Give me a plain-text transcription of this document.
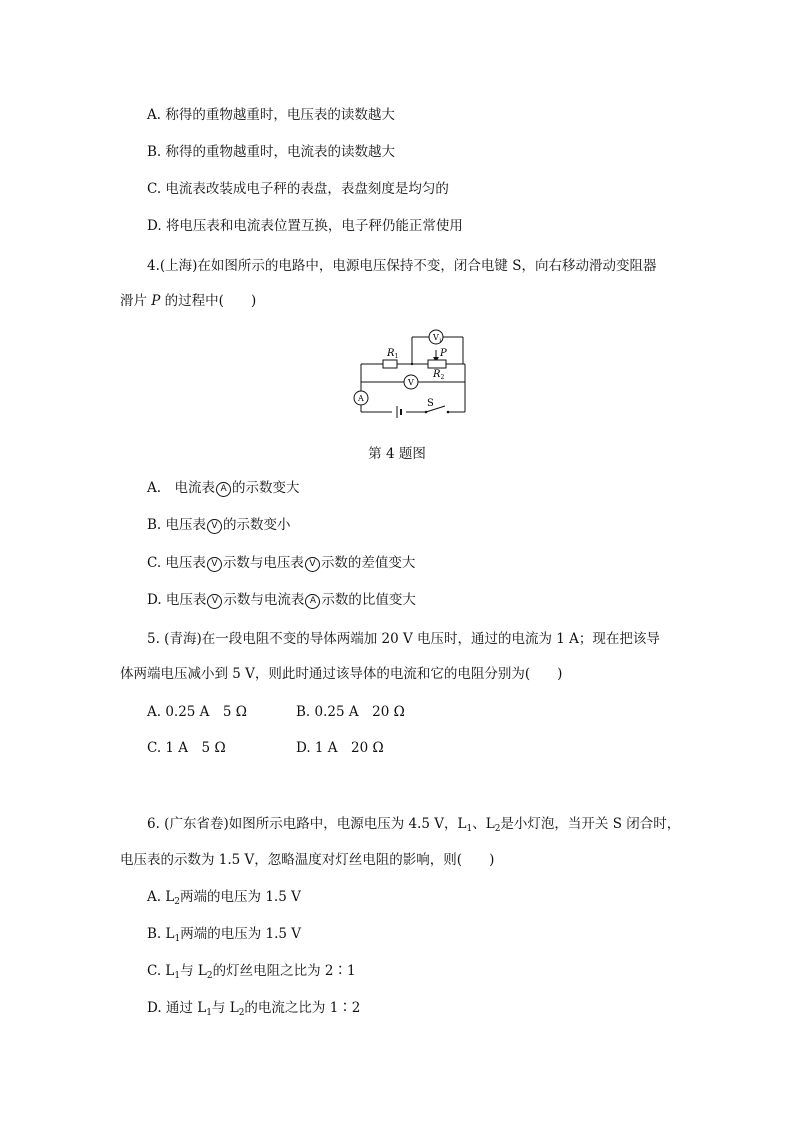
A. 称得的重物越重时，电压表的读数越大
B. 称得的重物越重时，电流表的读数越大
C. 电流表改装成电子秤的表盘，表盘刻度是均匀的
D. 将电压表和电流表位置互换，电子秤仍能正常使用
4.(上海)在如图所示的电路中，电源电压保持不变，闭合电键 S，向右移动滑动变阻器
滑片 P 的过程中(　　)
$V_1$
V
A
$R_1$
$R_2$
P
S
第 4 题图
A.　电流表 A 的示数变大
B. 电压表 V 的示数变小
C. 电压表 V 示数与电压表 V 示数的差值变大
D. 电压表 V 示数与电流表 A 示数的比值变大
5. (青海)在一段电阻不变的导体两端加 20 V 电压时，通过的电流为 1 A；现在把该导
体两端电压减小到 5 V，则此时通过该导体的电流和它的电阻分别为(　　)
A. 0.25 A　5 Ω	B. 0.25 A　20 Ω
C. 1 A　5 Ω	D. 1 A　20 Ω
6. (广东省卷)如图所示电路中，电源电压为 4.5 V，$L_1$、$L_2$是小灯泡，当开关 S 闭合时，
电压表的示数为 1.5 V，忽略温度对灯丝电阻的影响，则(　　)
A. $L_2$两端的电压为 1.5 V
B. $L_1$两端的电压为 1.5 V
C. $L_1$与 $L_2$的灯丝电阻之比为 2∶1
D. 通过 $L_1$与 $L_2$的电流之比为 1∶2
